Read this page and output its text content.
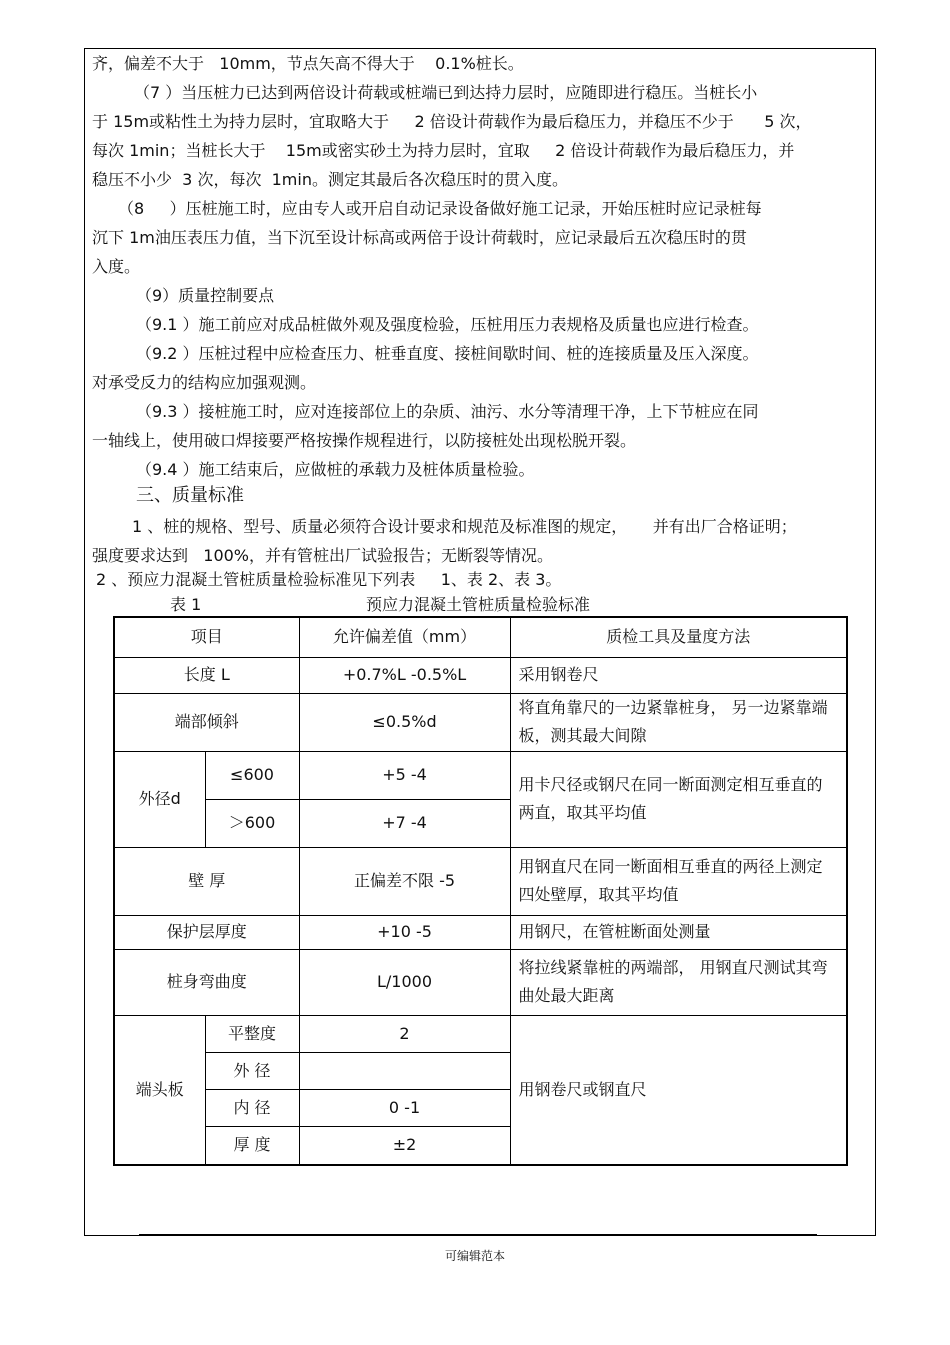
齐，偏差不大于   10mm，节点矢高不得大于    0.1%桩长。
（7 ）当压桩力已达到两倍设计荷载或桩端已到达持力层时，应随即进行稳压。当桩长小
于 15m或粘性土为持力层时，宜取略大于     2 倍设计荷载作为最后稳压力，并稳压不少于      5 次，
每次 1min；当桩长大于    15m或密实砂土为持力层时，宜取     2 倍设计荷载作为最后稳压力，并
稳压不小少  3 次，每次  1min。测定其最后各次稳压时的贯入度。
（8     ）压桩施工时，应由专人或开启自动记录设备做好施工记录，开始压桩时应记录桩每
沉下 1m油压表压力值，当下沉至设计标高或两倍于设计荷载时，应记录最后五次稳压时的贯
入度。
（9）质量控制要点
（9.1 ）施工前应对成品桩做外观及强度检验，压桩用压力表规格及质量也应进行检查。
（9.2 ）压桩过程中应检查压力、桩垂直度、接桩间歇时间、桩的连接质量及压入深度。
对承受反力的结构应加强观测。
（9.3 ）接桩施工时，应对连接部位上的杂质、油污、水分等清理干净，上下节桩应在同
一轴线上，使用破口焊接要严格按操作规程进行，以防接桩处出现松脱开裂。
（9.4 ）施工结束后，应做桩的承载力及桩体质量检验。
三、质量标准
1 、桩的规格、型号、质量必须符合设计要求和规范及标准图的规定，     并有出厂合格证明；
强度要求达到   100%，并有管桩出厂试验报告；无断裂等情况。
2 、预应力混凝土管桩质量检验标准见下列表     1、表 2、表 3。
表 1	预应力混凝土管桩质量检验标准
项目		允许偏差值（mm）	质检工具及量度方法
长度 L		+0.7%L -0.5%L	采用钢卷尺
端部倾斜		≤0.5%d	将直角靠尺的一边紧靠桩身， 另一边紧靠端板，测其最大间隙
外径d	≤600	+5 -4	用卡尺径或钢尺在同一断面测定相互垂直的两直，取其平均值
	＞600	+7 -4	
壁 厚		正偏差不限 -5	用钢直尺在同一断面相互垂直的两径上测定四处壁厚，取其平均值
保护层厚度		+10 -5	用钢尺，在管桩断面处测量
桩身弯曲度		L/1000	将拉线紧靠桩的两端部， 用钢直尺测试其弯曲处最大距离
端头板	平整度	2	用钢卷尺或钢直尺
	外 径		
	内 径	0 -1	
	厚 度	±2	
可编辑范本
